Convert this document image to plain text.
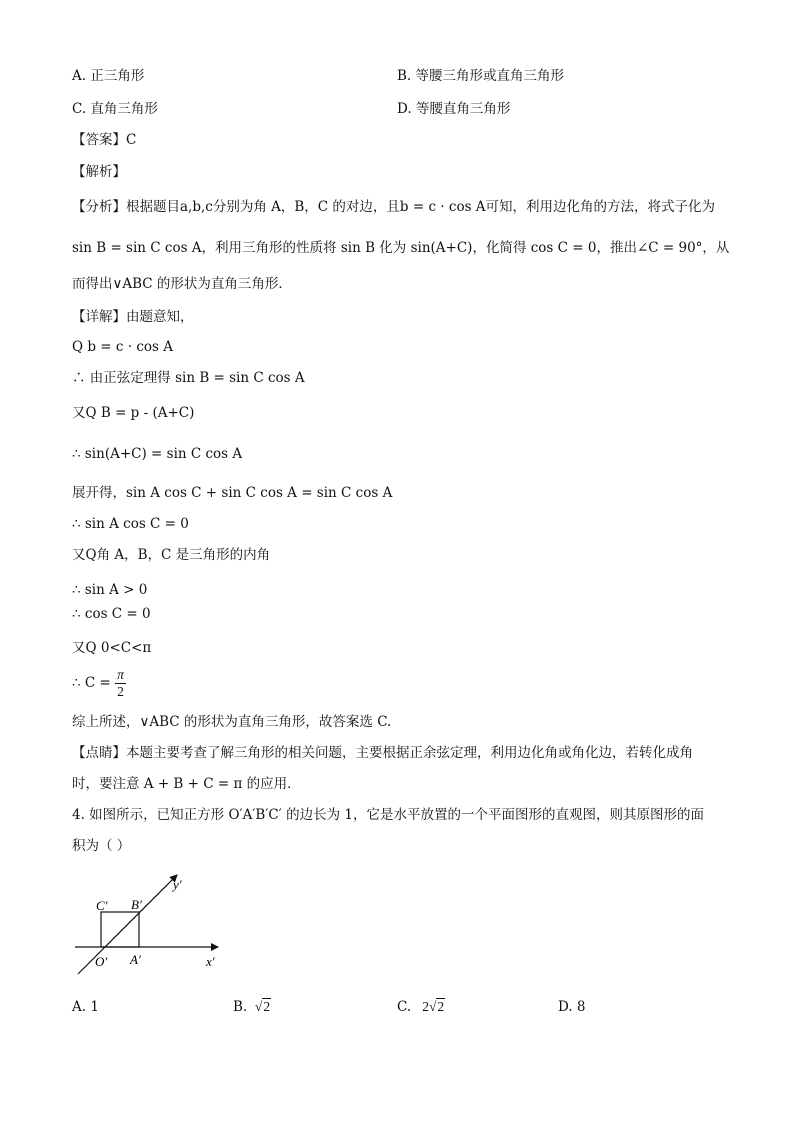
A. 正三角形	B. 等腰三角形或直角三角形
C. 直角三角形	D. 等腰直角三角形
【答案】C
【解析】
【分析】根据题目a,b,c分别为角 A，B，C 的对边，且b = c · cos A可知，利用边化角的方法，将式子化为
sin B = sin C cos A，利用三角形的性质将 sin B 化为 sin(A+C)，化简得 cos C = 0，推出∠C = 90°，从
而得出∨ABC 的形状为直角三角形．
【详解】由题意知，
Q b = c · cos A
∴ 由正弦定理得 sin B = sin C cos A
又Q B = p - (A+C)
∴ sin(A+C) = sin C cos A
展开得，sin A cos C + sin C cos A = sin C cos A
∴ sin A cos C = 0
又Q角 A，B，C 是三角形的内角
∴ sin A > 0
∴ cos C = 0
又Q 0<C<π
∴ $C = \frac{\pi}{2}$
综上所述，∨ABC 的形状为直角三角形，故答案选 C.
【点睛】本题主要考查了解三角形的相关问题，主要根据正余弦定理，利用边化角或角化边，若转化成角
时，要注意 A + B + C = π 的应用．
4. 如图所示，已知正方形 O′A′B′C′ 的边长为 1，它是水平放置的一个平面图形的直观图，则其原图形的面
积为（ ）
y′
x′
C′ B′
O′ A′
A. 1	B.  √2	C. 2√2	D. 8
